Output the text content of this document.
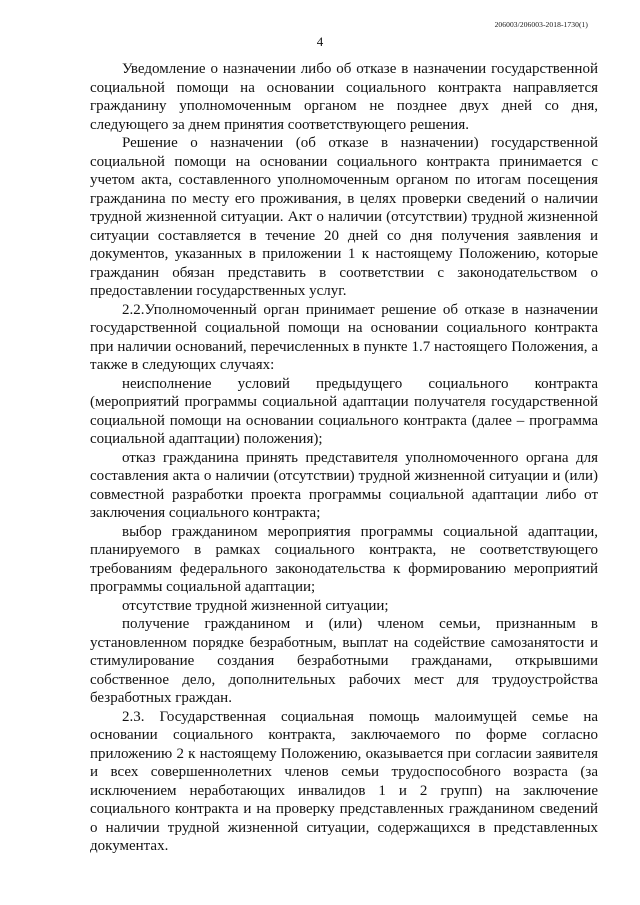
206003/206003-2018-1730(1)
4

Уведомление о назначении либо об отказе в назначении государственной социальной помощи на основании социального контракта направляется гражданину уполномоченным органом не позднее двух дней со дня, следующего за днем принятия соответствующего решения.

Решение о назначении (об отказе в назначении) государственной социальной помощи на основании социального контракта принимается с учетом акта, составленного уполномоченным органом по итогам посещения гражданина по месту его проживания, в целях проверки сведений о наличии трудной жизненной ситуации. Акт о наличии (отсутствии) трудной жизненной ситуации составляется в течение 20 дней со дня получения заявления и документов, указанных в приложении 1 к настоящему Положению, которые гражданин обязан представить в соответствии с законодательством о предоставлении государственных услуг.

2.2.Уполномоченный орган принимает решение об отказе в назначении государственной социальной помощи на основании социального контракта при наличии оснований, перечисленных в пункте 1.7 настоящего Положения, а также в следующих случаях:

неисполнение условий предыдущего социального контракта (мероприятий программы социальной адаптации получателя государственной социальной помощи на основании социального контракта (далее – программа социальной адаптации) положения);

отказ гражданина принять представителя уполномоченного органа для составления акта о наличии (отсутствии) трудной жизненной ситуации и (или) совместной разработки проекта программы социальной адаптации либо от заключения социального контракта;

выбор гражданином мероприятия программы социальной адаптации, планируемого в рамках социального контракта, не соответствующего требованиям федерального законодательства к формированию мероприятий программы социальной адаптации;

отсутствие трудной жизненной ситуации;

получение гражданином и (или) членом семьи, признанным в установленном порядке безработным, выплат на содействие самозанятости и стимулирование создания безработными гражданами, открывшими собственное дело, дополнительных рабочих мест для трудоустройства безработных граждан.

2.3. Государственная социальная помощь малоимущей семье на основании социального контракта, заключаемого по форме согласно приложению 2 к настоящему Положению, оказывается при согласии заявителя и всех совершеннолетних членов семьи трудоспособного возраста (за исключением неработающих инвалидов 1 и 2 групп) на заключение социального контракта и на проверку представленных гражданином сведений о наличии трудной жизненной ситуации, содержащихся в представленных документах.
